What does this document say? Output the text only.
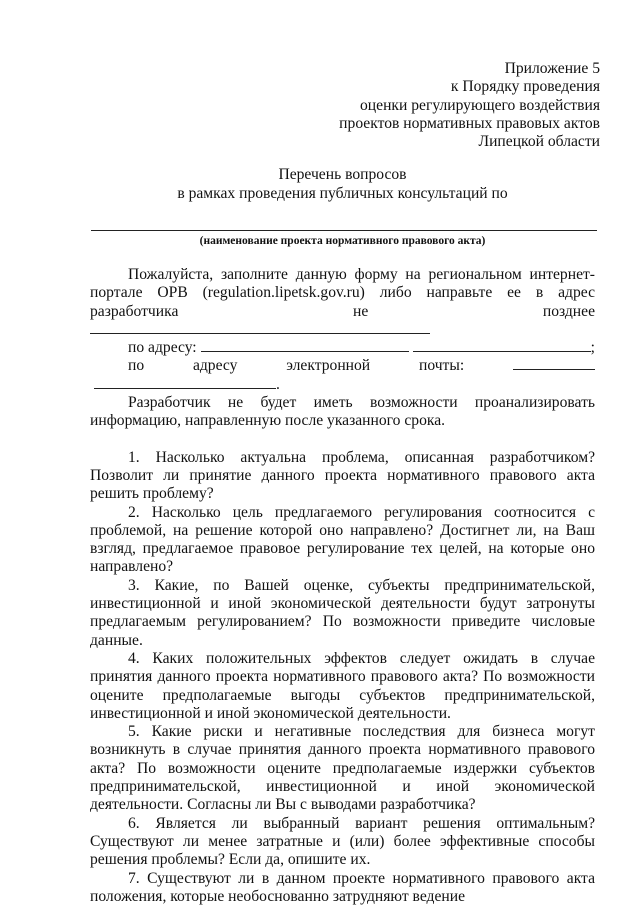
Приложение 5
к Порядку проведения
оценки регулирующего воздействия
проектов нормативных правовых актов
Липецкой области
Перечень вопросов
в рамках проведения публичных консультаций по
(наименование проекта нормативного правового акта)

Пожалуйста, заполните данную форму на региональном интернет-портале ОРВ (regulation.lipetsk.gov.ru) либо направьте ее в адрес разработчика не позднее

по адресу:	;

по адресу электронной почты: .

Разработчик не будет иметь возможности проанализировать информацию, направленную после указанного срока.

1. Насколько актуальна проблема, описанная разработчиком? Позволит ли принятие данного проекта нормативного правового акта решить проблему?

2. Насколько цель предлагаемого регулирования соотносится с проблемой, на решение которой оно направлено? Достигнет ли, на Ваш взгляд, предлагаемое правовое регулирование тех целей, на которые оно направлено?

3. Какие, по Вашей оценке, субъекты предпринимательской, инвестиционной и иной экономической деятельности будут затронуты предлагаемым регулированием? По возможности приведите числовые данные.

4. Каких положительных эффектов следует ожидать в случае принятия данного проекта нормативного правового акта? По возможности оцените предполагаемые выгоды субъектов предпринимательской, инвестиционной и иной экономической деятельности.

5. Какие риски и негативные последствия для бизнеса могут возникнуть в случае принятия данного проекта нормативного правового акта? По возможности оцените предполагаемые издержки субъектов предпринимательской, инвестиционной и иной экономической деятельности. Согласны ли Вы с выводами разработчика?

6. Является ли выбранный вариант решения оптимальным? Существуют ли менее затратные и (или) более эффективные способы решения проблемы? Если да, опишите их.

7. Существуют ли в данном проекте нормативного правового акта положения, которые необоснованно затрудняют ведение
